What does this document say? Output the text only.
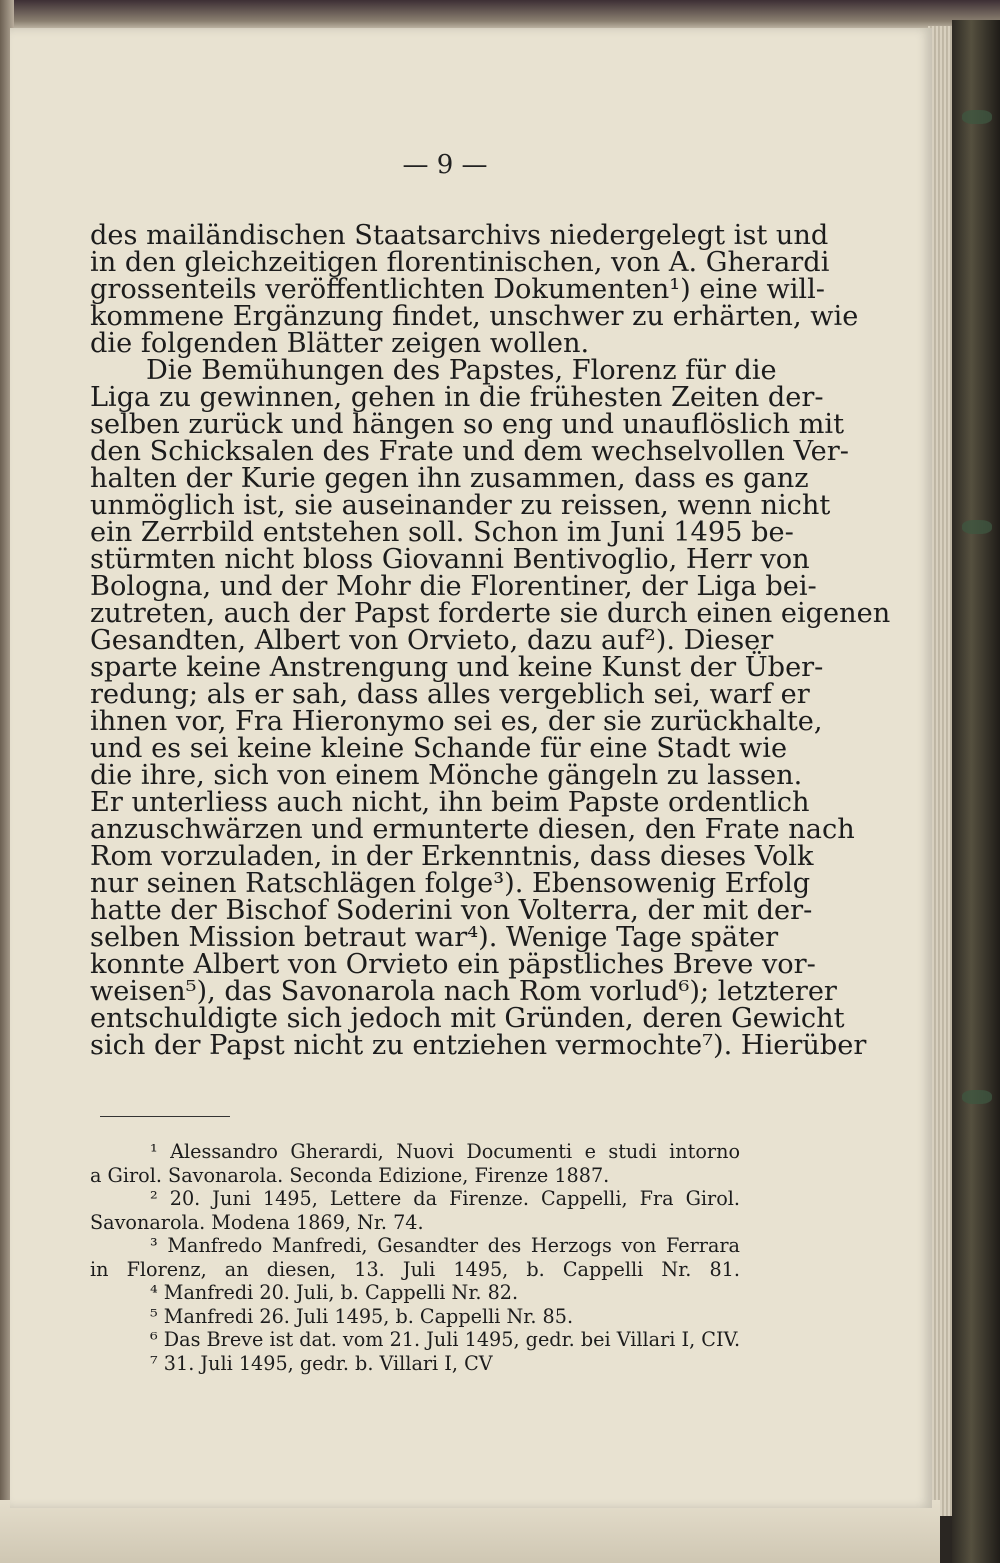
— 9 —
des mailändischen Staatsarchivs niedergelegt ist und
in den gleichzeitigen florentinischen, von A. Gherardi
grossenteils veröffentlichten Dokumenten¹) eine will-
kommene Ergänzung findet, unschwer zu erhärten, wie
die folgenden Blätter zeigen wollen.
Die Bemühungen des Papstes, Florenz für die
Liga zu gewinnen, gehen in die frühesten Zeiten der-
selben zurück und hängen so eng und unauflöslich mit
den Schicksalen des Frate und dem wechselvollen Ver-
halten der Kurie gegen ihn zusammen, dass es ganz
unmöglich ist, sie auseinander zu reissen, wenn nicht
ein Zerrbild entstehen soll. Schon im Juni 1495 be-
stürmten nicht bloss Giovanni Bentivoglio, Herr von
Bologna, und der Mohr die Florentiner, der Liga bei-
zutreten, auch der Papst forderte sie durch einen eigenen
Gesandten, Albert von Orvieto, dazu auf²). Dieser
sparte keine Anstrengung und keine Kunst der Über-
redung; als er sah, dass alles vergeblich sei, warf er
ihnen vor, Fra Hieronymo sei es, der sie zurückhalte,
und es sei keine kleine Schande für eine Stadt wie
die ihre, sich von einem Mönche gängeln zu lassen.
Er unterliess auch nicht, ihn beim Papste ordentlich
anzuschwärzen und ermunterte diesen, den Frate nach
Rom vorzuladen, in der Erkenntnis, dass dieses Volk
nur seinen Ratschlägen folge³). Ebensowenig Erfolg
hatte der Bischof Soderini von Volterra, der mit der-
selben Mission betraut war⁴). Wenige Tage später
konnte Albert von Orvieto ein päpstliches Breve vor-
weisen⁵), das Savonarola nach Rom vorlud⁶); letzterer
entschuldigte sich jedoch mit Gründen, deren Gewicht
sich der Papst nicht zu entziehen vermochte⁷). Hierüber
¹ Alessandro Gherardi, Nuovi Documenti e studi intorno
a Girol. Savonarola. Seconda Edizione, Firenze 1887.
² 20. Juni 1495, Lettere da Firenze. Cappelli, Fra Girol.
Savonarola. Modena 1869, Nr. 74.
³ Manfredo Manfredi, Gesandter des Herzogs von Ferrara
in Florenz, an diesen, 13. Juli 1495, b. Cappelli Nr. 81.
⁴ Manfredi 20. Juli, b. Cappelli Nr. 82.
⁵ Manfredi 26. Juli 1495, b. Cappelli Nr. 85.
⁶ Das Breve ist dat. vom 21. Juli 1495, gedr. bei Villari I, CIV.
⁷ 31. Juli 1495, gedr. b. Villari I, CV
